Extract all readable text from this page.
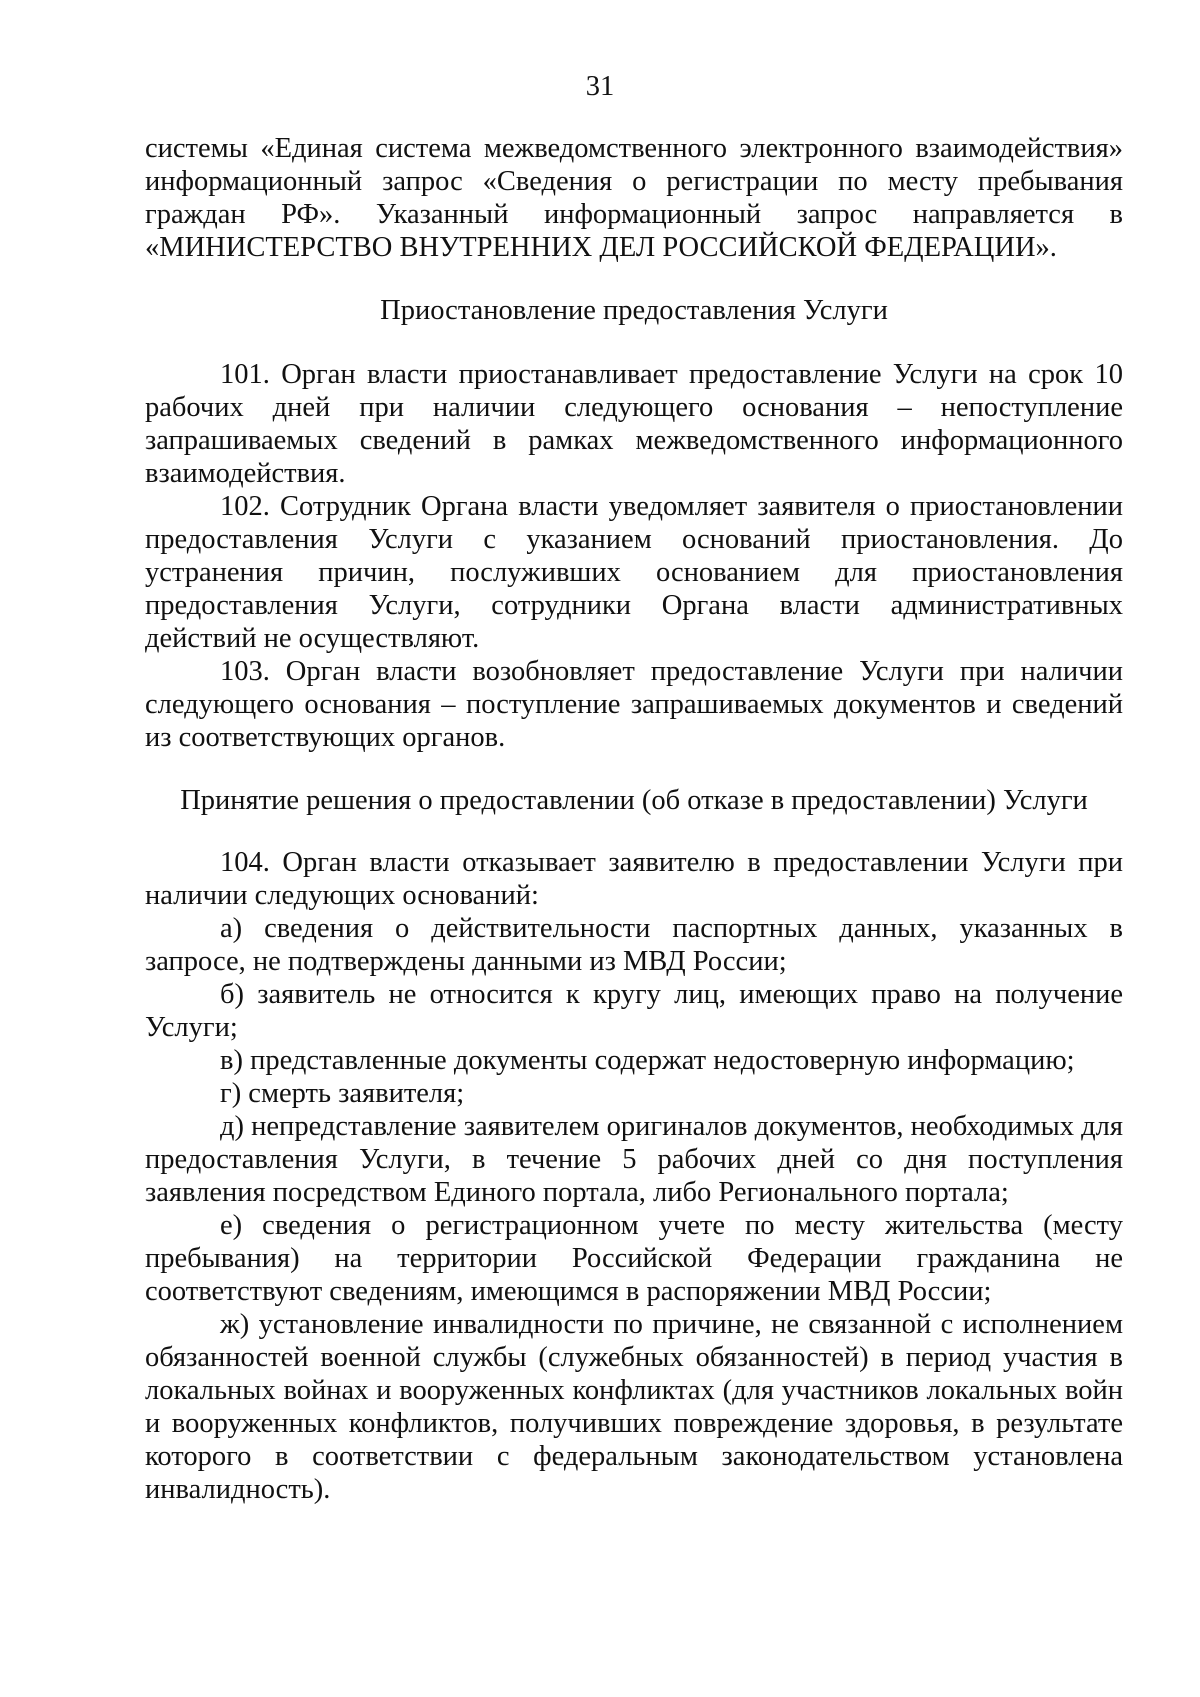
31

системы «Единая система межведомственного электронного взаимодействия» информационный запрос «Сведения о регистрации по месту пребывания граждан РФ». Указанный информационный запрос направляется в «МИНИСТЕРСТВО ВНУТРЕННИХ ДЕЛ РОССИЙСКОЙ ФЕДЕРАЦИИ».

Приостановление предоставления Услуги

101. Орган власти приостанавливает предоставление Услуги на срок 10 рабочих дней при наличии следующего основания – непоступление запрашиваемых сведений в рамках межведомственного информационного взаимодействия.

102. Сотрудник Органа власти уведомляет заявителя о приостановлении предоставления Услуги с указанием оснований приостановления. До устранения причин, послуживших основанием для приостановления предоставления Услуги, сотрудники Органа власти административных действий не осуществляют.

103. Орган власти возобновляет предоставление Услуги при наличии следующего основания – поступление запрашиваемых документов и сведений из соответствующих органов.

Принятие решения о предоставлении (об отказе в предоставлении) Услуги

104. Орган власти отказывает заявителю в предоставлении Услуги при наличии следующих оснований:

а) сведения о действительности паспортных данных, указанных в запросе, не подтверждены данными из МВД России;

б) заявитель не относится к кругу лиц, имеющих право на получение Услуги;

в) представленные документы содержат недостоверную информацию;

г) смерть заявителя;

д) непредставление заявителем оригиналов документов, необходимых для предоставления Услуги, в течение 5 рабочих дней со дня поступления заявления посредством Единого портала, либо Регионального портала;

е) сведения о регистрационном учете по месту жительства (месту пребывания) на территории Российской Федерации гражданина не соответствуют сведениям, имеющимся в распоряжении МВД России;

ж) установление инвалидности по причине, не связанной с исполнением обязанностей военной службы (служебных обязанностей) в период участия в локальных войнах и вооруженных конфликтах (для участников локальных войн и вооруженных конфликтов, получивших повреждение здоровья, в результате которого в соответствии с федеральным законодательством установлена инвалидность).
